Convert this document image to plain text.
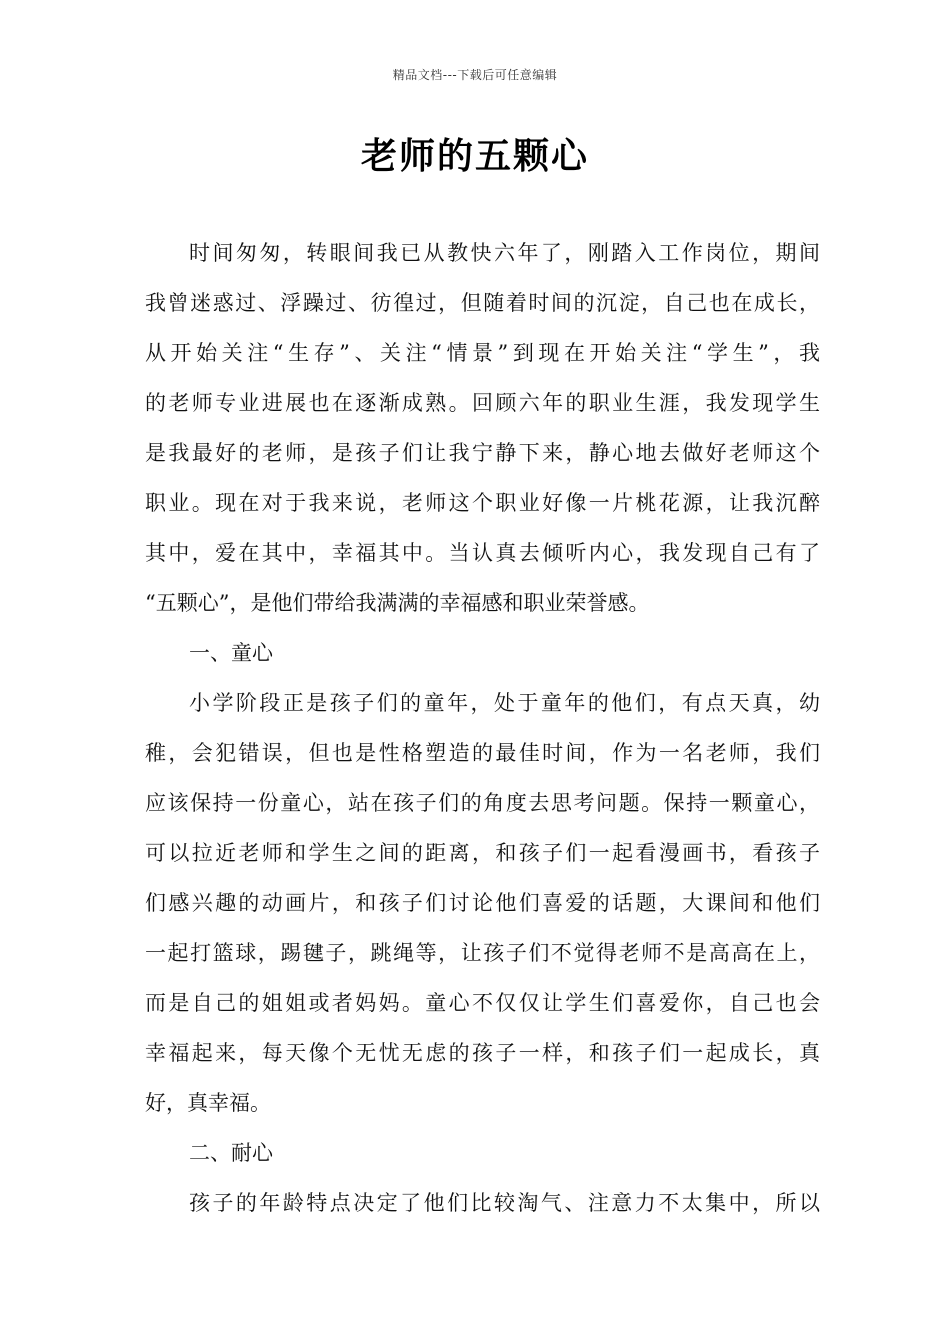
精品文档---下载后可任意编辑
老师的五颗心
时间匆匆，转眼间我已从教快六年了，刚踏入工作岗位，期间
我曾迷惑过、浮躁过、彷徨过，但随着时间的沉淀，自己也在成长，
从开始关注“生存”、关注“情景”到现在开始关注“学生”，我
的老师专业进展也在逐渐成熟。回顾六年的职业生涯，我发现学生
是我最好的老师，是孩子们让我宁静下来，静心地去做好老师这个
职业。现在对于我来说，老师这个职业好像一片桃花源，让我沉醉
其中，爱在其中，幸福其中。当认真去倾听内心，我发现自己有了
“五颗心”，是他们带给我满满的幸福感和职业荣誉感。
一、童心
小学阶段正是孩子们的童年，处于童年的他们，有点天真，幼
稚，会犯错误，但也是性格塑造的最佳时间，作为一名老师，我们
应该保持一份童心，站在孩子们的角度去思考问题。保持一颗童心，
可以拉近老师和学生之间的距离，和孩子们一起看漫画书，看孩子
们感兴趣的动画片，和孩子们讨论他们喜爱的话题，大课间和他们
一起打篮球，踢毽子，跳绳等，让孩子们不觉得老师不是高高在上，
而是自己的姐姐或者妈妈。童心不仅仅让学生们喜爱你，自己也会
幸福起来，每天像个无忧无虑的孩子一样，和孩子们一起成长，真
好，真幸福。
二、耐心
孩子的年龄特点决定了他们比较淘气、注意力不太集中，所以
